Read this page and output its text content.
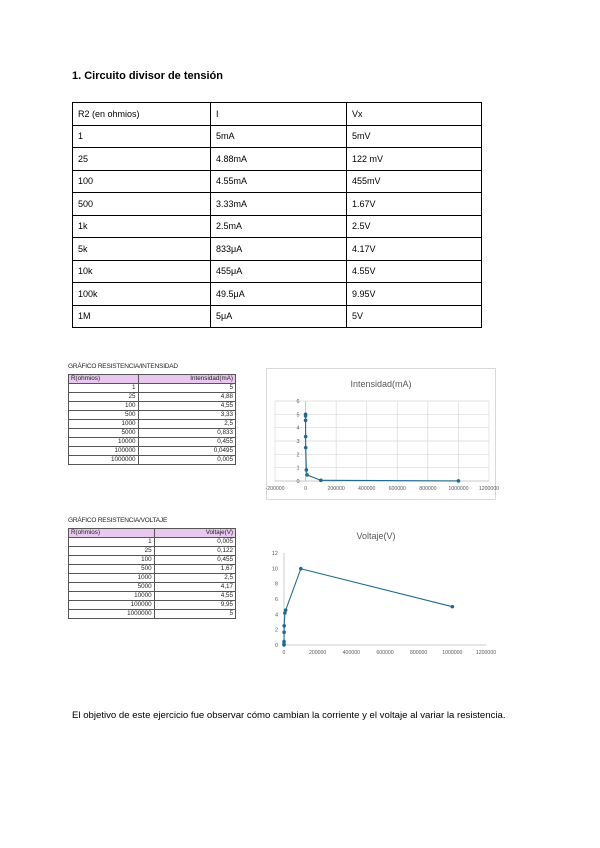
1. Circuito divisor de tensión
R2 (en ohmios)	I	Vx
1	5mA	5mV
25	4.88mA	122 mV
100	4.55mA	455mV
500	3.33mA	1.67V
1k	2.5mA	2.5V
5k	833μA	4.17V
10k	455μA	4.55V
100k	49.5μA	9.95V
1M	5μA	5V
GRÁFICO RESISTENCIA/INTENSIDAD
R(ohmios)	Intensidad(mA)
1	5
25	4,88
100	4,55
500	3,33
1000	2,5
5000	0,833
10000	0,455
100000	0,0495
1000000	0,005
Intensidad(mA)
0
1
2
3
4
5
6
-200000	0	200000	400000	600000	800000 1000000 1200000
GRÁFICO RESISTENCIA/VOLTAJE
R(ohmios)	Voltaje(V)
1	0,005
25	0,122
100	0,455
500	1,67
1000	2,5
5000	4,17
10000	4,55
100000	9,95
1000000	5
Voltaje(V)
0
2
4
6
8
10
12
0	200000	400000	600000	800000	1000000	1200000
El objetivo de este ejercicio fue observar cómo cambian la corriente y el voltaje al variar la resistencia.
